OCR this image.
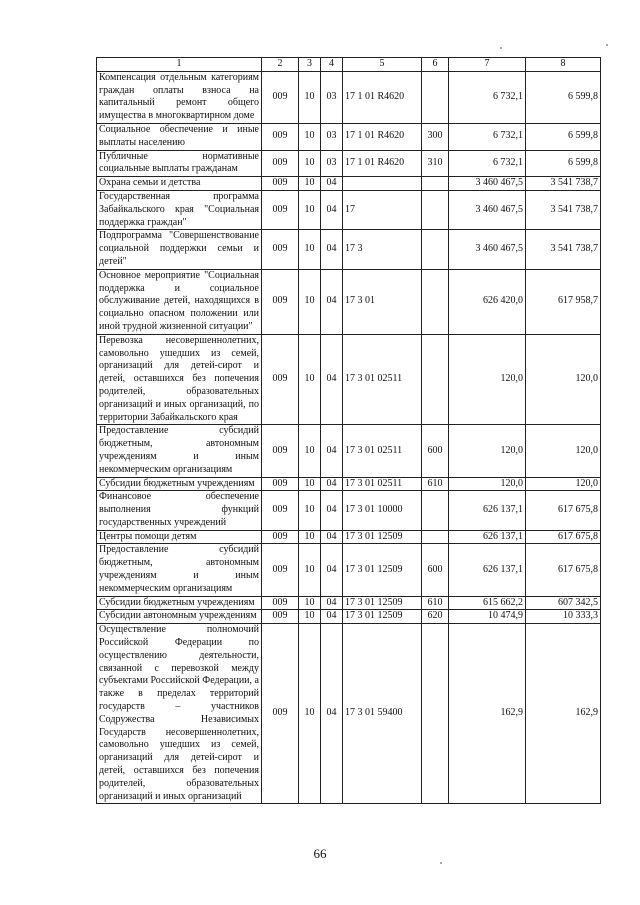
1	2	3	4	5	6	7	8
Компенсация отдельным категориям граждан оплаты взноса на капитальный ремонт общего имущества в многоквартирном доме	009	10	03	17 1 01 R4620		6 732,1	6 599,8
Социальное обеспечение и иные выплаты населению	009	10	03	17 1 01 R4620	300	6 732,1	6 599,8
Публичные нормативные социальные выплаты гражданам	009	10	03	17 1 01 R4620	310	6 732,1	6 599,8
Охрана семьи и детства	009	10	04			3 460 467,5	3 541 738,7
Государственная программа Забайкальского края "Социальная поддержка граждан"	009	10	04	17		3 460 467,5	3 541 738,7
Подпрограмма "Совершенствование социальной поддержки семьи и детей"	009	10	04	17 3		3 460 467,5	3 541 738,7
Основное мероприятие "Социальная поддержка и социальное обслуживание детей, находящихся в социально опасном положении или иной трудной жизненной ситуации"	009	10	04	17 3 01		626 420,0	617 958,7
Перевозка несовершеннолетних, самовольно ушедших из семей, организаций для детей-сирот и детей, оставшихся без попечения родителей, образовательных организаций и иных организаций, по территории Забайкальского края	009	10	04	17 3 01 02511		120,0	120,0
Предоставление субсидий бюджетным, автономным учреждениям и иным некоммерческим организациям	009	10	04	17 3 01 02511	600	120,0	120,0
Субсидии бюджетным учреждениям	009	10	04	17 3 01 02511	610	120,0	120,0
Финансовое обеспечение выполнения функций государственных учреждений	009	10	04	17 3 01 10000		626 137,1	617 675,8
Центры помощи детям	009	10	04	17 3 01 12509		626 137,1	617 675,8
Предоставление субсидий бюджетным, автономным учреждениям и иным некоммерческим организациям	009	10	04	17 3 01 12509	600	626 137,1	617 675,8
Субсидии бюджетным учреждениям	009	10	04	17 3 01 12509	610	615 662,2	607 342,5
Субсидии автономным учреждениям	009	10	04	17 3 01 12509	620	10 474,9	10 333,3
Осуществление полномочий Российской Федерации по осуществлению деятельности, связанной с перевозкой между субъектами Российской Федерации, а также в пределах территорий государств – участников Содружества Независимых Государств несовершеннолетних, самовольно ушедших из семей, организаций для детей-сирот и детей, оставшихся без попечения родителей, образовательных организаций и иных организаций	009	10	04	17 3 01 59400		162,9	162,9
66
